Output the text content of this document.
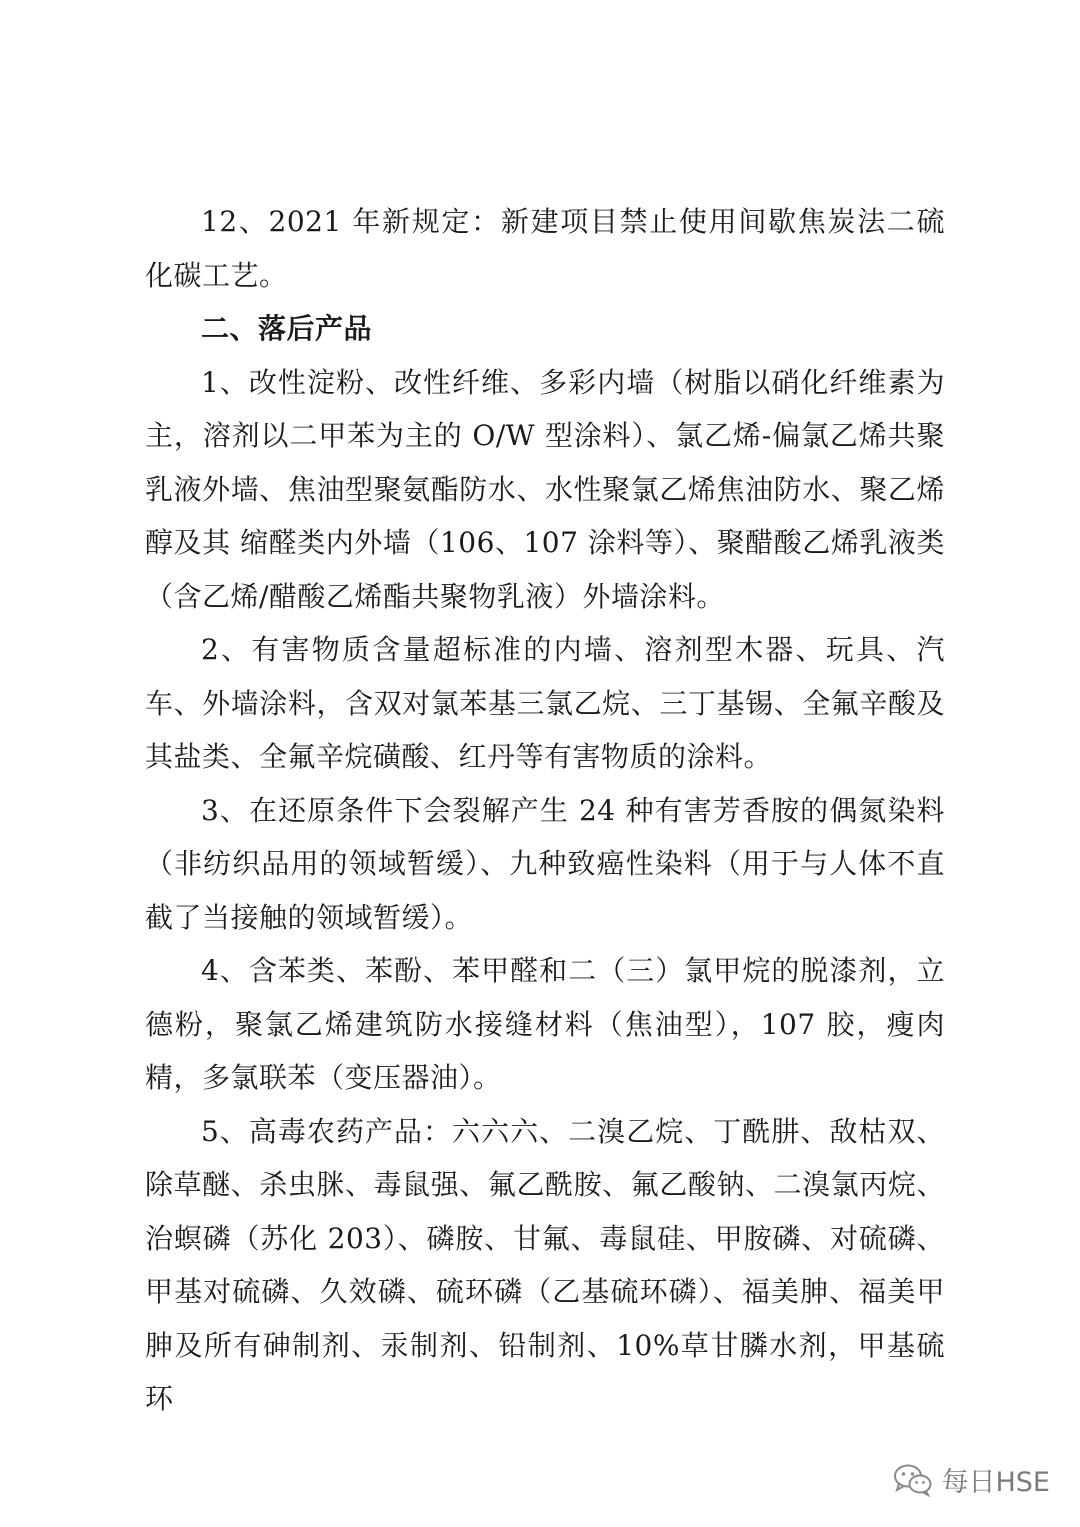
12、2021 年新规定：新建项目禁止使用间歇焦炭法二硫化碳工艺。

二、落后产品

1、改性淀粉、改性纤维、多彩内墙（树脂以硝化纤维素为主，溶剂以二甲苯为主的 O/W 型涂料）、氯乙烯-偏氯乙烯共聚乳液外墙、焦油型聚氨酯防水、水性聚氯乙烯焦油防水、聚乙烯醇及其 缩醛类内外墙（106、107 涂料等）、聚醋酸乙烯乳液类（含乙烯/醋酸乙烯酯共聚物乳液）外墙涂料。

2、有害物质含量超标准的内墙、溶剂型木器、玩具、汽车、外墙涂料，含双对氯苯基三氯乙烷、三丁基锡、全氟辛酸及其盐类、全氟辛烷磺酸、红丹等有害物质的涂料。

3、在还原条件下会裂解产生 24 种有害芳香胺的偶氮染料（非纺织品用的领域暂缓）、九种致癌性染料（用于与人体不直截了当接触的领域暂缓）。

4、含苯类、苯酚、苯甲醛和二（三）氯甲烷的脱漆剂，立德粉，聚氯乙烯建筑防水接缝材料（焦油型），107 胶，瘦肉精，多氯联苯（变压器油）。

5、高毒农药产品：六六六、二溴乙烷、丁酰肼、敌枯双、除草醚、杀虫脒、毒鼠强、氟乙酰胺、氟乙酸钠、二溴氯丙烷、治螟磷（苏化 203）、磷胺、甘氟、毒鼠硅、甲胺磷、对硫磷、甲基对硫磷、久效磷、硫环磷（乙基硫环磷）、福美胂、福美甲胂及所有砷制剂、汞制剂、铅制剂、10%草甘膦水剂，甲基硫环

每日HSE
